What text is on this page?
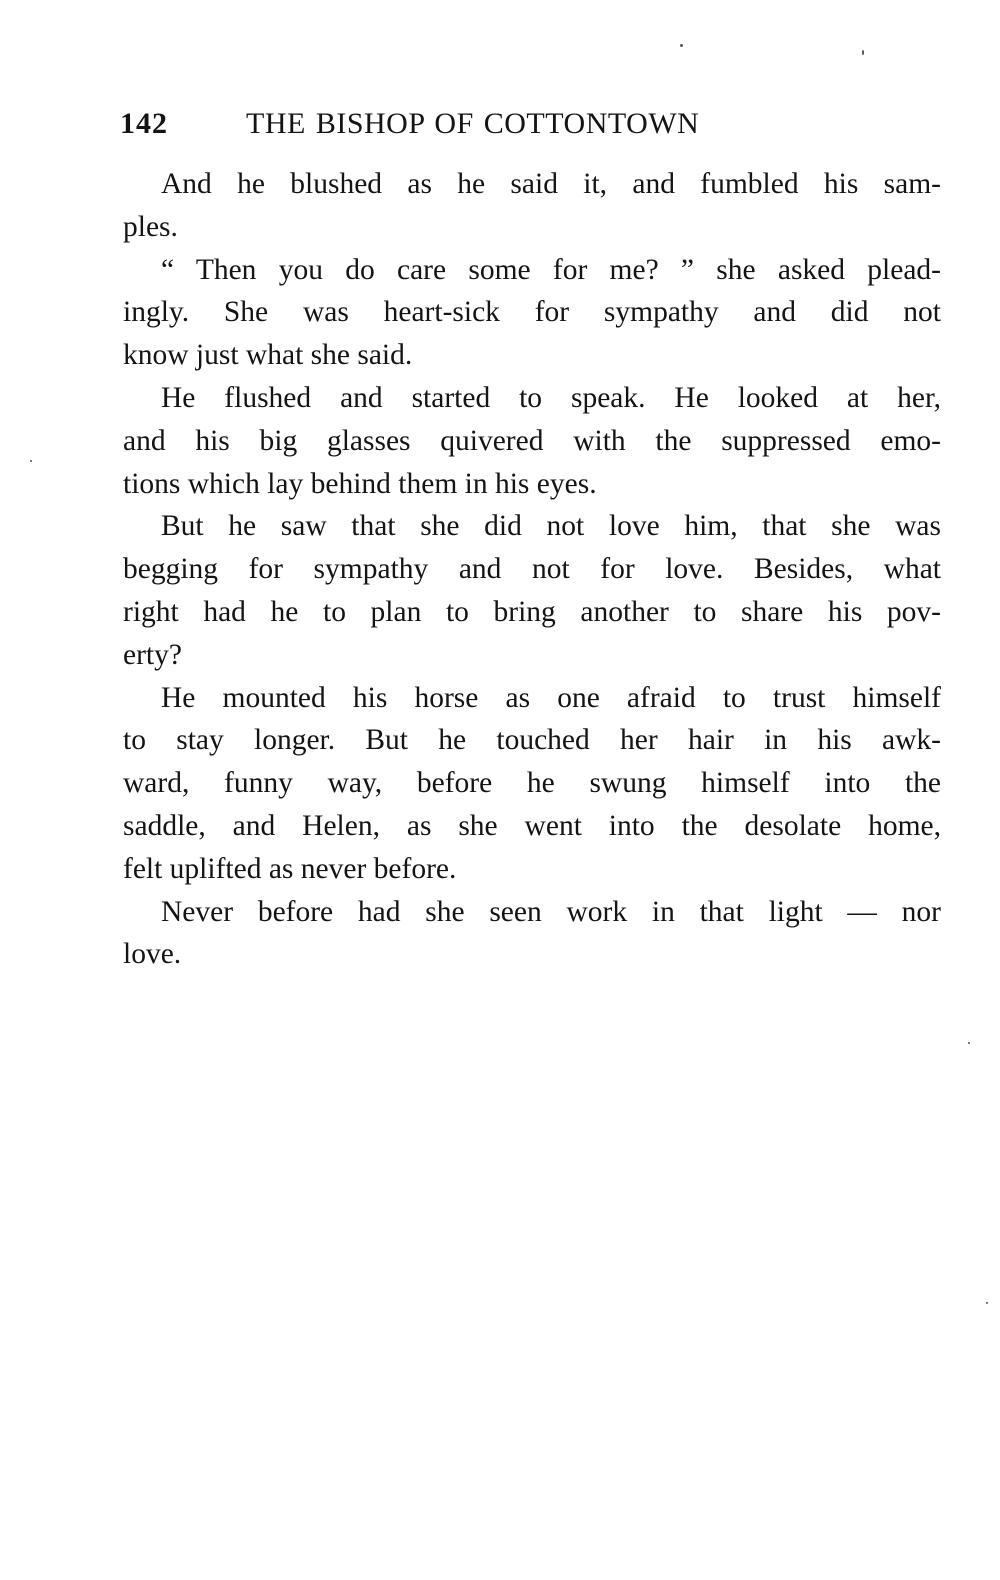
142	THE BISHOP OF COTTONTOWN
And he blushed as he said it, and fumbled his sam-
ples.
“ Then you do care some for me? ” she asked plead-
ingly. She was heart-sick for sympathy and did not
know just what she said.
He flushed and started to speak. He looked at her,
and his big glasses quivered with the suppressed emo-
tions which lay behind them in his eyes.
But he saw that she did not love him, that she was
begging for sympathy and not for love. Besides, what
right had he to plan to bring another to share his pov-
erty?
He mounted his horse as one afraid to trust himself
to stay longer. But he touched her hair in his awk-
ward, funny way, before he swung himself into the
saddle, and Helen, as she went into the desolate home,
felt uplifted as never before.
Never before had she seen work in that light — nor
love.
